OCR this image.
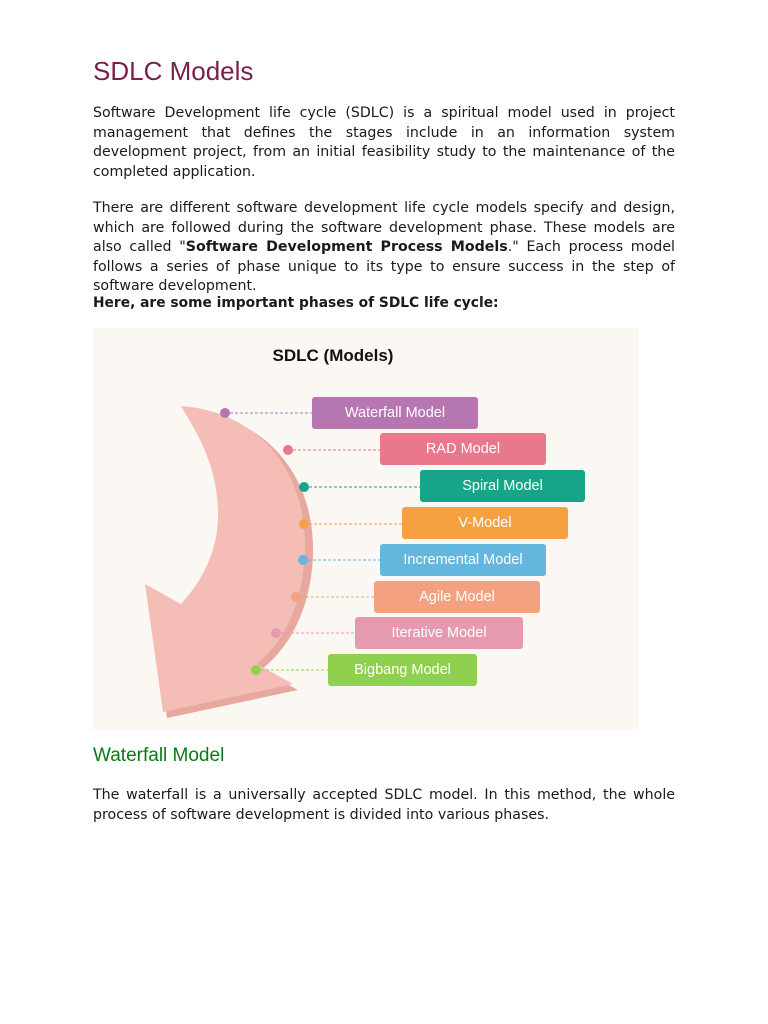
SDLC Models

Software Development life cycle (SDLC) is a spiritual model used in project management that defines the stages include in an information system development project, from an initial feasibility study to the maintenance of the completed application.

There are different software development life cycle models specify and design, which are followed during the software development phase. These models are also called "Software Development Process Models." Each process model follows a series of phase unique to its type to ensure success in the step of software development.

Here, are some important phases of SDLC life cycle:

SDLC (Models)
Waterfall Model
RAD Model
Spiral Model
V-Model
Incremental Model
Agile Model
Iterative Model
Bigbang Model
Waterfall Model

The waterfall is a universally accepted SDLC model. In this method, the whole process of software development is divided into various phases.
